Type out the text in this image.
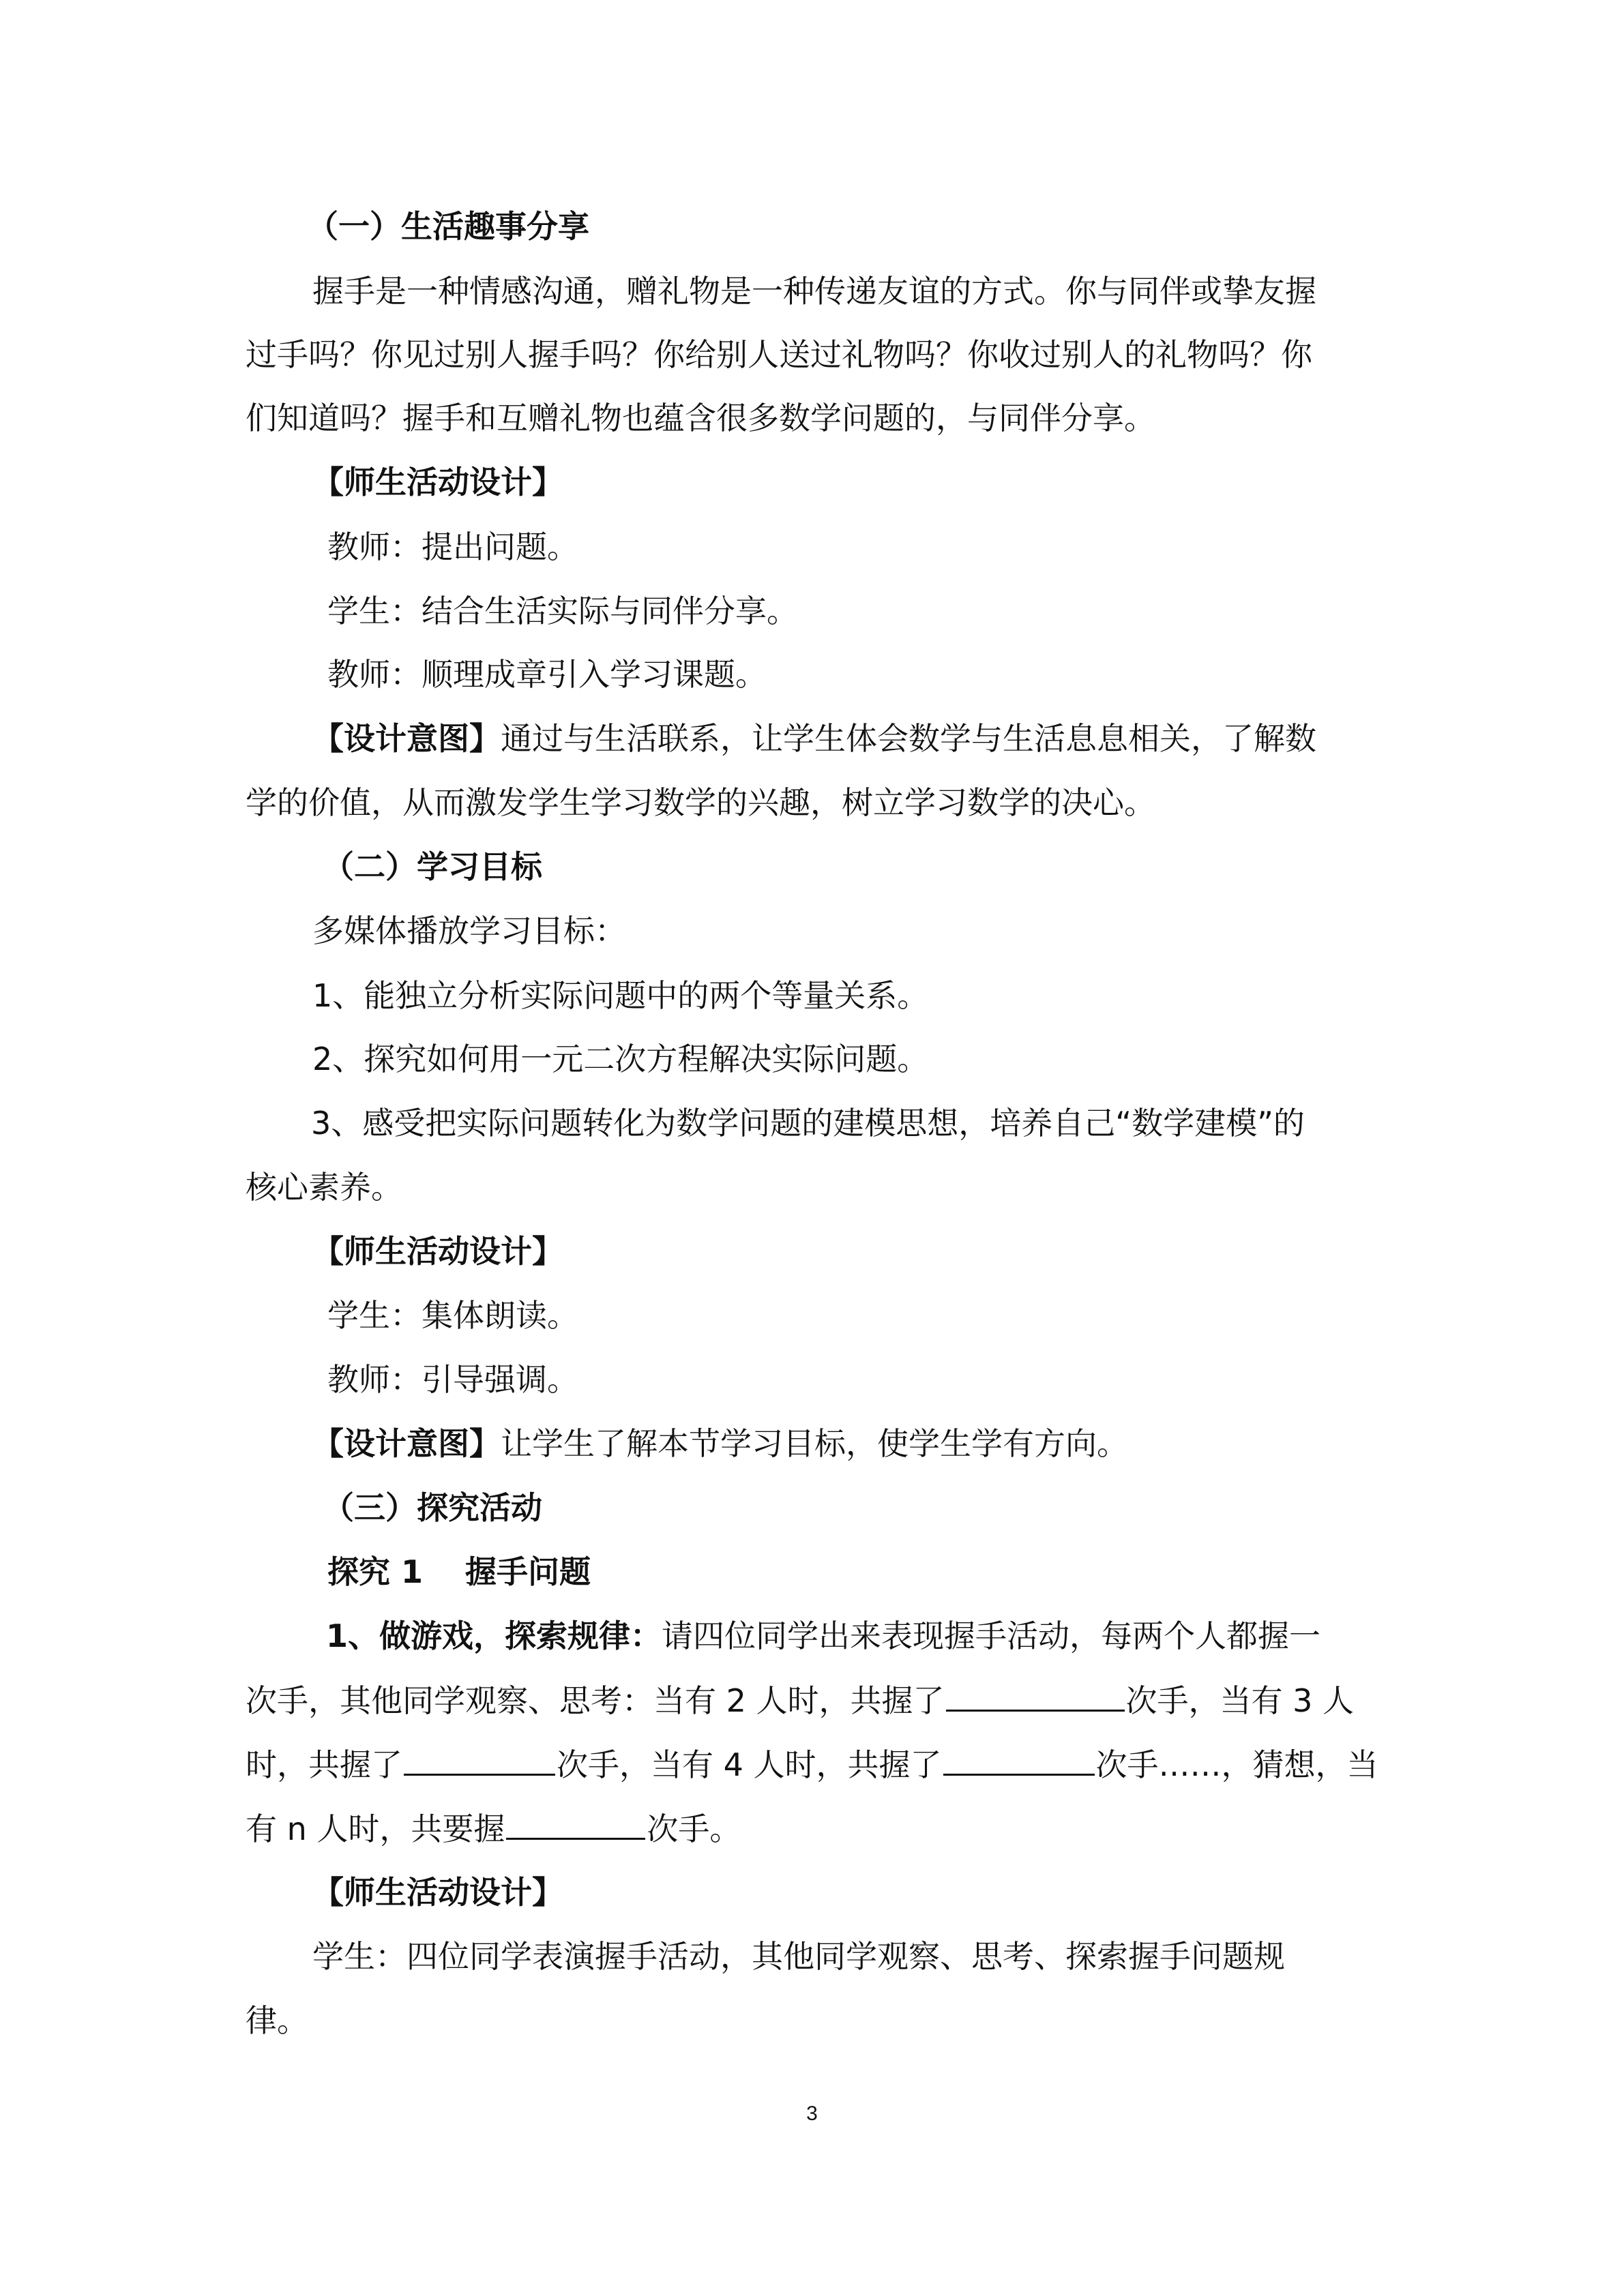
（一）生活趣事分享
握手是一种情感沟通，赠礼物是一种传递友谊的方式。你与同伴或挚友握
过手吗？你见过别人握手吗？你给别人送过礼物吗？你收过别人的礼物吗？你
们知道吗？握手和互赠礼物也蕴含很多数学问题的，与同伴分享。
【师生活动设计】
教师：提出问题。
学生：结合生活实际与同伴分享。
教师：顺理成章引入学习课题。
【设计意图】通过与生活联系，让学生体会数学与生活息息相关，了解数
学的价值，从而激发学生学习数学的兴趣，树立学习数学的决心。
（二）学习目标
多媒体播放学习目标：
1、能独立分析实际问题中的两个等量关系。
2、探究如何用一元二次方程解决实际问题。
3、感受把实际问题转化为数学问题的建模思想，培养自己“数学建模”的
核心素养。
【师生活动设计】
学生：集体朗读。
教师：引导强调。
【设计意图】让学生了解本节学习目标，使学生学有方向。
（三）探究活动
探究 1　 握手问题
1、做游戏，探索规律：请四位同学出来表现握手活动，每两个人都握一
次手，其他同学观察、思考：当有 2 人时，共握了	次手，当有 3 人
时，共握了	次手，当有 4 人时，共握了	次手……，猜想，当
有 n 人时，共要握	次手。
【师生活动设计】
学生：四位同学表演握手活动，其他同学观察、思考、探索握手问题规
律。
3
